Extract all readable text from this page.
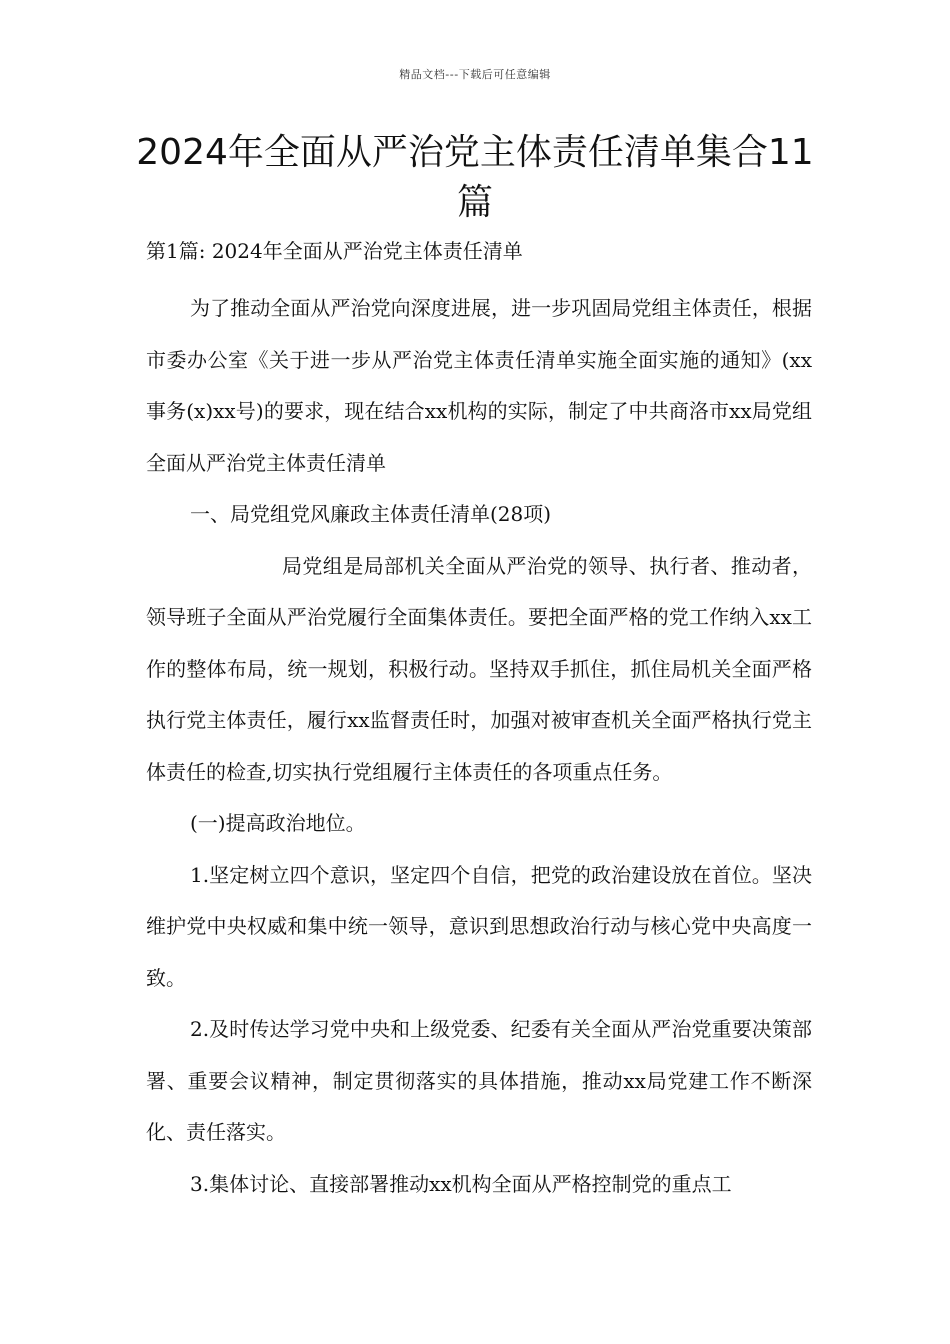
精品文档---下载后可任意编辑
2024年全面从严治党主体责任清单集合11篇

第1篇: 2024年全面从严治党主体责任清单

为了推动全面从严治党向深度进展，进一步巩固局党组主体责任，根据市委办公室《关于进一步从严治党主体责任清单实施全面实施的通知》(xx事务(x)xx号)的要求，现在结合xx机构的实际，制定了中共商洛市xx局党组全面从严治党主体责任清单

一、局党组党风廉政主体责任清单(28项)

局党组是局部机关全面从严治党的领导、执行者、推动者，领导班子全面从严治党履行全面集体责任。要把全面严格的党工作纳入xx工作的整体布局，统一规划，积极行动。坚持双手抓住，抓住局机关全面严格执行党主体责任，履行xx监督责任时，加强对被审查机关全面严格执行党主体责任的检查,切实执行党组履行主体责任的各项重点任务。

(一)提高政治地位。

1.坚定树立四个意识，坚定四个自信，把党的政治建设放在首位。坚决维护党中央权威和集中统一领导，意识到思想政治行动与核心党中央高度一致。

2.及时传达学习党中央和上级党委、纪委有关全面从严治党重要决策部署、重要会议精神，制定贯彻落实的具体措施，推动xx局党建工作不断深化、责任落实。

3.集体讨论、直接部署推动xx机构全面从严格控制党的重点工
